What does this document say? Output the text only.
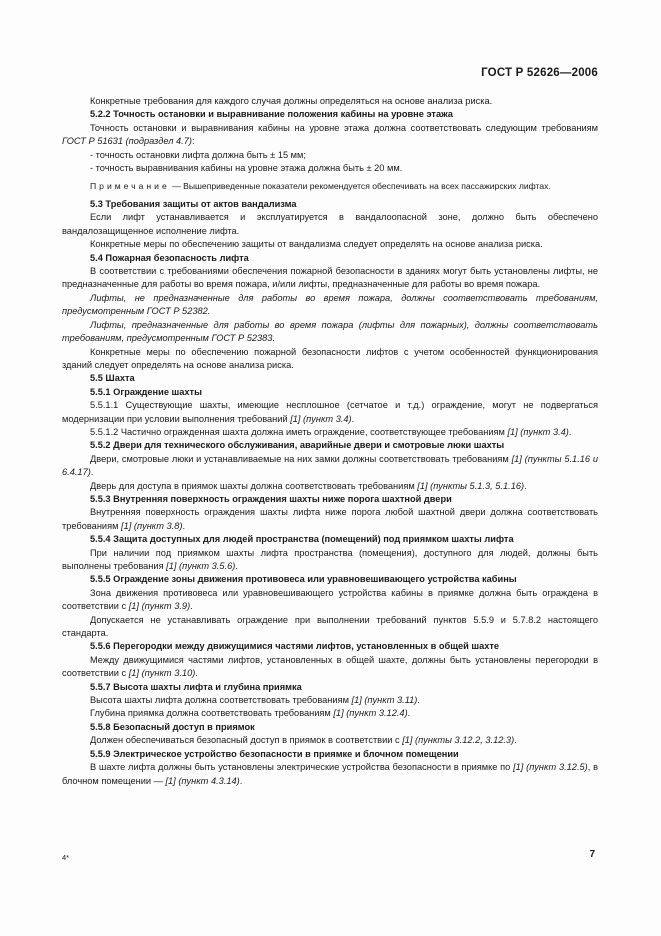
ГОСТ Р 52626—2006

Конкретные требования для каждого случая должны определяться на основе анализа риска.

5.2.2 Точность остановки и выравнивание положения кабины на уровне этажа

Точность остановки и выравнивания кабины на уровне этажа должна соответствовать следующим требованиям ГОСТ Р 51631 (подраздел 4.7):

- точность остановки лифта должна быть ± 15 мм;

- точность выравнивания кабины на уровне этажа должна быть ± 20 мм.

Примечание — Вышеприведенные показатели рекомендуется обеспечивать на всех пассажирских лифтах.

5.3 Требования защиты от актов вандализма

Если лифт устанавливается и эксплуатируется в вандалоопасной зоне, должно быть обеспечено вандалозащищенное исполнение лифта.

Конкретные меры по обеспечению защиты от вандализма следует определять на основе анализа риска.

5.4 Пожарная безопасность лифта

В соответствии с требованиями обеспечения пожарной безопасности в зданиях могут быть установлены лифты, не предназначенные для работы во время пожара, и/или лифты, предназначенные для работы во время пожара.

Лифты, не предназначенные для работы во время пожара, должны соответствовать требованиям, предусмотренным ГОСТ Р 52382.

Лифты, предназначенные для работы во время пожара (лифты для пожарных), должны соответствовать требованиям, предусмотренным ГОСТ Р 52383.

Конкретные меры по обеспечению пожарной безопасности лифтов с учетом особенностей функционирования зданий следует определять на основе анализа риска.

5.5 Шахта

5.5.1 Ограждение шахты

5.5.1.1 Существующие шахты, имеющие несплошное (сетчатое и т.д.) ограждение, могут не подвергаться модернизации при условии выполнения требований [1] (пункт 3.4).

5.5.1.2 Частично огражденная шахта должна иметь ограждение, соответствующее требованиям [1] (пункт 3.4).

5.5.2 Двери для технического обслуживания, аварийные двери и смотровые люки шахты

Двери, смотровые люки и устанавливаемые на них замки должны соответствовать требованиям [1] (пункты 5.1.16 и 6.4.17).

Дверь для доступа в приямок шахты должна соответствовать требованиям [1] (пункты 5.1.3, 5.1.16).

5.5.3 Внутренняя поверхность ограждения шахты ниже порога шахтной двери

Внутренняя поверхность ограждения шахты лифта ниже порога любой шахтной двери должна соответствовать требованиям [1] (пункт 3.8).

5.5.4 Защита доступных для людей пространства (помещений) под приямком шахты лифта

При наличии под приямком шахты лифта пространства (помещения), доступного для людей, должны быть выполнены требования [1] (пункт 3.5.6).

5.5.5 Ограждение зоны движения противовеса или уравновешивающего устройства кабины

Зона движения противовеса или уравновешивающего устройства кабины в приямке должна быть ограждена в соответствии с [1] (пункт 3.9).

Допускается не устанавливать ограждение при выполнении требований пунктов 5.5.9 и 5.7.8.2 настоящего стандарта.

5.5.6 Перегородки между движущимися частями лифтов, установленных в общей шахте

Между движущимися частями лифтов, установленных в общей шахте, должны быть установлены перегородки в соответствии с [1] (пункт 3.10).

5.5.7 Высота шахты лифта и глубина приямка

Высота шахты лифта должна соответствовать требованиям [1] (пункт 3.11).

Глубина приямка должна соответствовать требованиям [1] (пункт 3.12.4).

5.5.8 Безопасный доступ в приямок

Должен обеспечиваться безопасный доступ в приямок в соответствии с [1] (пункты 3.12.2, 3.12.3).

5.5.9 Электрическое устройство безопасности в приямке и блочном помещении

В шахте лифта должны быть установлены электрические устройства безопасности в приямке по [1] (пункт 3.12.5), в блочном помещении — [1] (пункт 4.3.14).

4*	7
